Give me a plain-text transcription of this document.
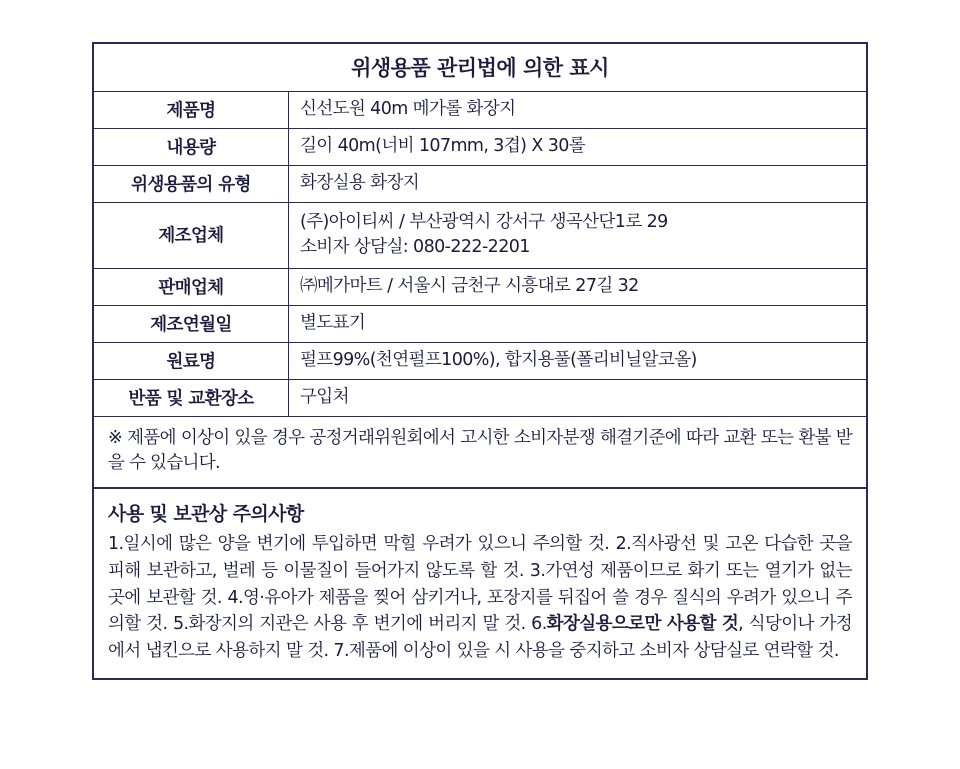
위생용품 관리법에 의한 표시
제품명	신선도원 40m 메가롤 화장지

내용량	길이 40m(너비 107mm, 3겹) X 30롤

위생용품의 유형	화장실용 화장지

제조업체	(주)아이티씨 / 부산광역시 강서구 생곡산단1로 29
소비자 상담실: 080-222-2201

판매업체	㈜메가마트 / 서울시 금천구 시흥대로 27길 32

제조연월일	별도표기

원료명	펄프99%(천연펄프100%), 합지용풀(폴리비닐알코올)

반품 및 교환장소	구입처
※ 제품에 이상이 있을 경우 공정거래위원회에서 고시한 소비자분쟁 해결기준에 따라 교환 또는 환불 받을 수 있습니다.
사용 및 보관상 주의사항
1.일시에 많은 양을 변기에 투입하면 막힐 우려가 있으니 주의할 것. 2.직사광선 및 고온 다습한 곳을 피해 보관하고, 벌레 등 이물질이 들어가지 않도록 할 것. 3.가연성 제품이므로 화기 또는 열기가 없는 곳에 보관할 것. 4.영·유아가 제품을 찢어 삼키거나, 포장지를 뒤집어 쓸 경우 질식의 우려가 있으니 주의할 것. 5.화장지의 지관은 사용 후 변기에 버리지 말 것. 6.화장실용으로만 사용할 것, 식당이나 가정에서 냅킨으로 사용하지 말 것. 7.제품에 이상이 있을 시 사용을 중지하고 소비자 상담실로 연락할 것.
